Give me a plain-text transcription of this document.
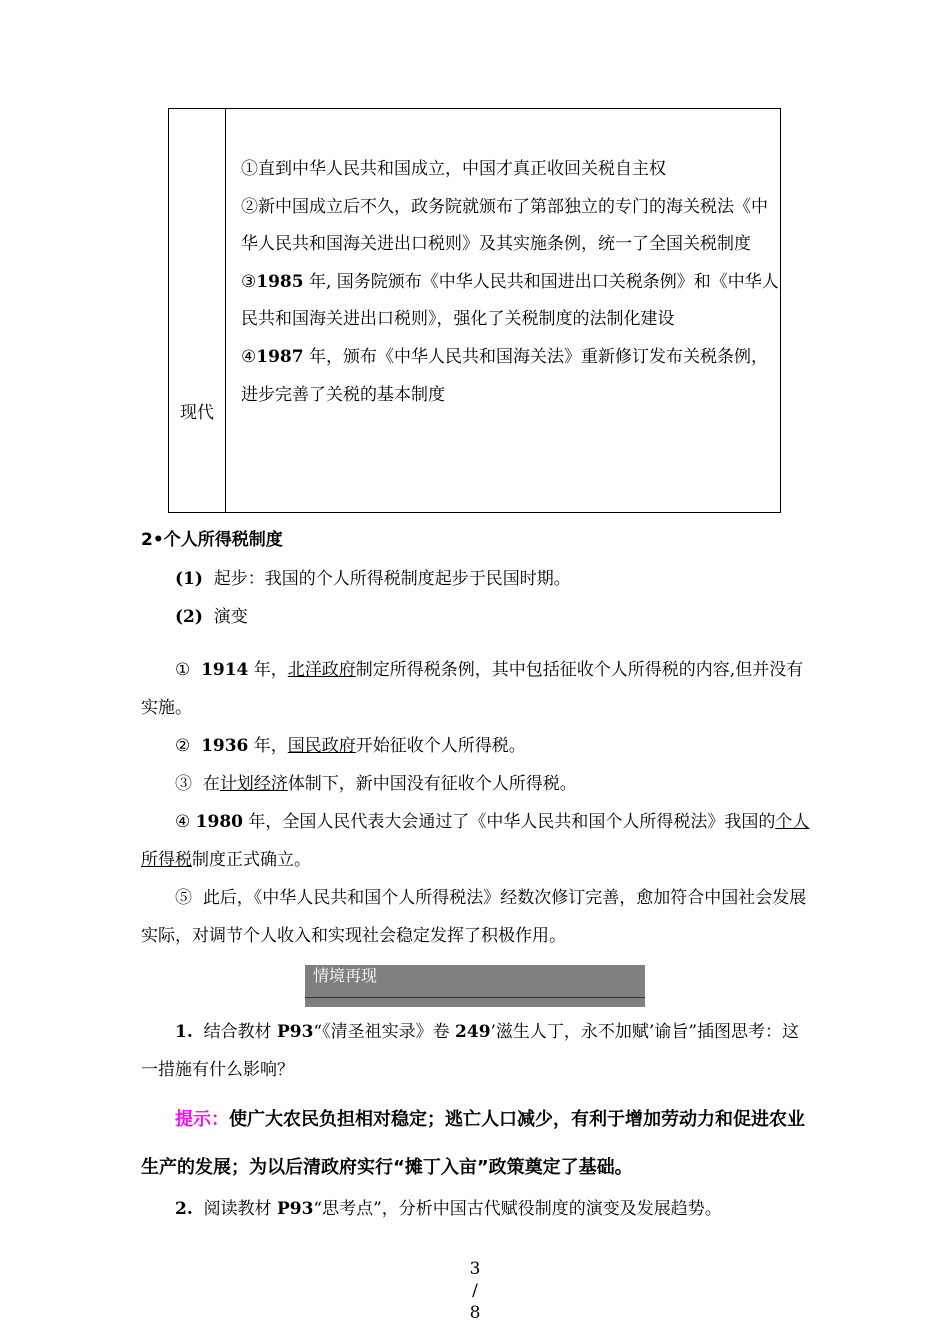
现代

①直到中华人民共和国成立，中国才真正收回关税自主权

②新中国成立后不久，政务院就颁布了第部独立的专门的海关税法《中华人民共和国海关进出口税则》及其实施条例，统一了全国关税制度

③1985 年, 国务院颁布《中华人民共和国进出口关税条例》和《中华人民共和国海关进出口税则》，强化了关税制度的法制化建设

④1987 年，颁布《中华人民共和国海关法》重新修订发布关税条例，进步完善了关税的基本制度

2•个人所得税制度

(1) 起步：我国的个人所得税制度起步于民国时期。

(2) 演变

① 1914 年，北洋政府制定所得税条例，其中包括征收个人所得税的内容,但并没有实施。

② 1936 年，国民政府开始征收个人所得税。

③ 在计划经济体制下，新中国没有征收个人所得税。

④ 1980 年，全国人民代表大会通过了《中华人民共和国个人所得税法》我国的个人所得税制度正式确立。

⑤ 此后，《中华人民共和国个人所得税法》经数次修订完善，愈加符合中国社会发展实际，对调节个人收入和实现社会稳定发挥了积极作用。

情境再现

1. 结合教材 P93“《清圣祖实录》卷 249’滋生人丁，永不加赋’谕旨”插图思考：这一措施有什么影响？

提示：使广大农民负担相对稳定；逃亡人口减少，有利于增加劳动力和促进农业生产的发展；为以后清政府实行“摊丁入亩”政策奠定了基础。

2. 阅读教材 P93“思考点”，分析中国古代赋役制度的演变及发展趋势。

3
/
8
